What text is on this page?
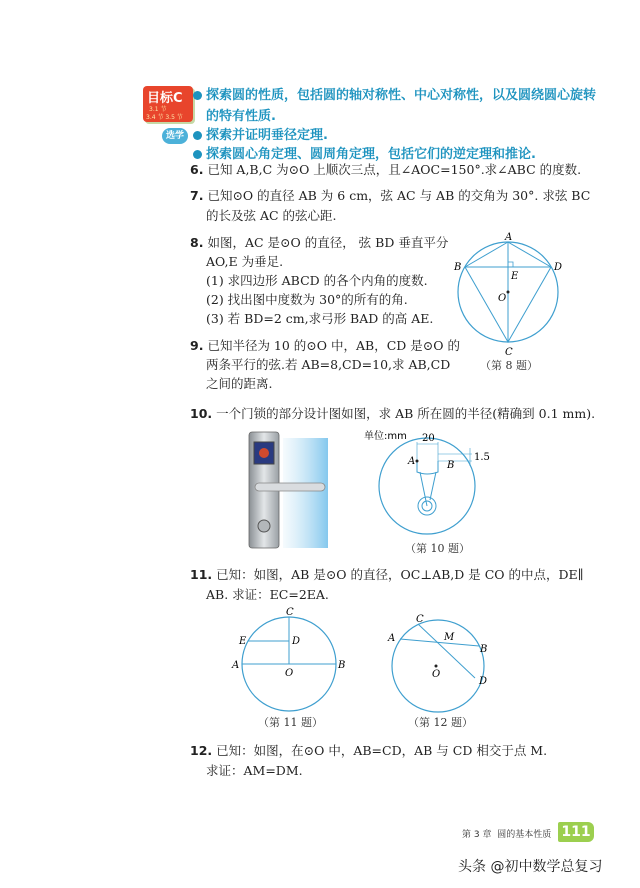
目标C
3.1 节
3.4 节 3.5 节
选学
探索圆的性质，包括圆的轴对称性、中心对称性，以及圆绕圆心旋转
的特有性质.
探索并证明垂径定理.
探索圆心角定理、圆周角定理，包括它们的逆定理和推论.
6. 已知 A,B,C 为⊙O 上顺次三点，且∠AOC=150°.求∠ABC 的度数.
7. 已知⊙O 的直径 AB 为 6 cm，弦 AC 与 AB 的交角为 30°. 求弦 BC
的长及弦 AC 的弦心距.
8. 如图，AC 是⊙O 的直径， 弦 BD 垂直平分
AO,E 为垂足.
(1) 求四边形 ABCD 的各个内角的度数.
(2) 找出图中度数为 30°的所有的角.
(3) 若 BD=2 cm,求弓形 BAD 的高 AE.
9. 已知半径为 10 的⊙O 中，AB，CD 是⊙O 的
两条平行的弦.若 AB=8,CD=10,求 AB,CD
之间的距离.
A
B
C
D
E
O
（第 8 题）
10. 一个门锁的部分设计图如图，求 AB 所在圆的半径(精确到 0.1 mm).
单位:mm 20
1.5
A	B
（第 10 题）
11. 已知：如图，AB 是⊙O 的直径，OC⊥AB,D 是 CO 的中点，DE∥
AB. 求证：EC=2EA.
C
D
E
A	B
O
（第 11 题）
C
A	M
B
D
O
（第 12 题）
12. 已知：如图，在⊙O 中，AB=CD，AB 与 CD 相交于点 M.
求证：AM=DM.
第 3 章 圆的基本性质 111
头条 @初中数学总复习
